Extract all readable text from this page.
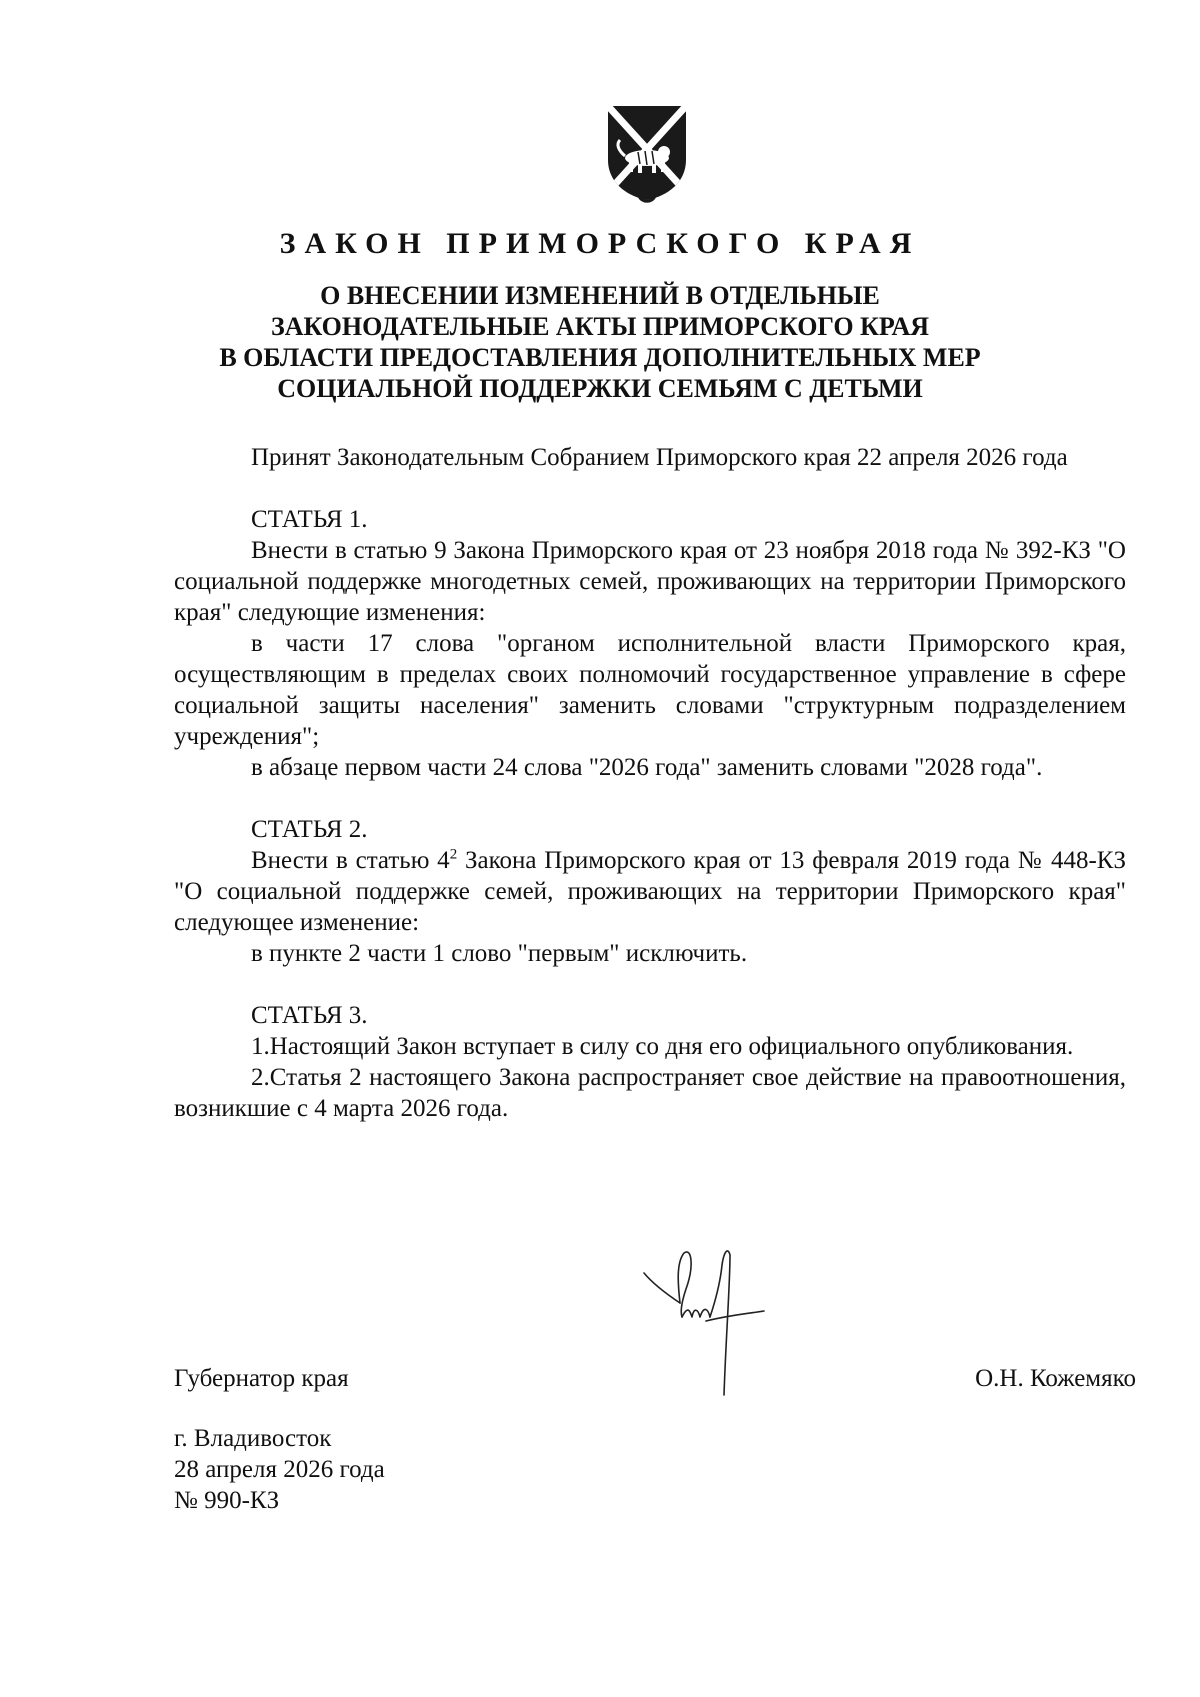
ЗАКОН ПРИМОРСКОГО КРАЯ
О ВНЕСЕНИИ ИЗМЕНЕНИЙ В ОТДЕЛЬНЫЕ
ЗАКОНОДАТЕЛЬНЫЕ АКТЫ ПРИМОРСКОГО КРАЯ
В ОБЛАСТИ ПРЕДОСТАВЛЕНИЯ ДОПОЛНИТЕЛЬНЫХ МЕР
СОЦИАЛЬНОЙ ПОДДЕРЖКИ СЕМЬЯМ С ДЕТЬМИ

Принят Законодательным Собранием Приморского края 22 апреля 2026 года

СТАТЬЯ 1.

Внести в статью 9 Закона Приморского края от 23 ноября 2018 года № 392-КЗ "О социальной поддержке многодетных семей, проживающих на территории Приморского края" следующие изменения:

в части 17 слова "органом исполнительной власти Приморского края, осуществляющим в пределах своих полномочий государственное управление в сфере социальной защиты населения" заменить словами "структурным подразделением учреждения";

в абзаце первом части 24 слова "2026 года" заменить словами "2028 года".

СТАТЬЯ 2.

Внести в статью $4^2$ Закона Приморского края от 13 февраля 2019 года № 448-КЗ "О социальной поддержке семей, проживающих на территории Приморского края" следующее изменение:

в пункте 2 части 1 слово "первым" исключить.

СТАТЬЯ 3.

1.Настоящий Закон вступает в силу со дня его официального опубликования.

2.Статья 2 настоящего Закона распространяет свое действие на правоотношения, возникшие с 4 марта 2026 года.

Губернатор края	О.Н. Кожемяко
г. Владивосток
28 апреля 2026 года
№ 990-КЗ
